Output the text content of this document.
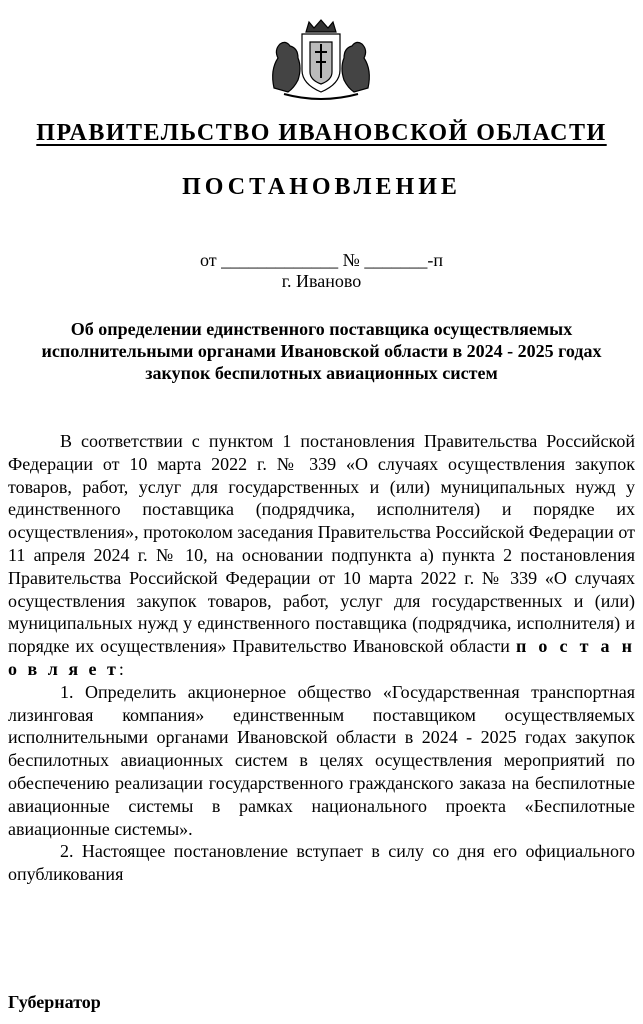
ПРАВИТЕЛЬСТВО ИВАНОВСКОЙ ОБЛАСТИ
ПОСТАНОВЛЕНИЕ
от _____________ № _______-п
г. Иваново
Об определении единственного поставщика осуществляемых исполнительными органами Ивановской области в 2024 - 2025 годах закупок беспилотных авиационных систем

В соответствии с пунктом 1 постановления Правительства Российской Федерации от 10 марта 2022 г. № 339 «О случаях осуществления закупок товаров, работ, услуг для государственных и (или) муниципальных нужд у единственного поставщика (подрядчика, исполнителя) и порядке их осуществления», протоколом заседания Правительства Российской Федерации от 11 апреля 2024 г. № 10, на основании подпункта а) пункта 2 постановления Правительства Российской Федерации от 10 марта 2022 г. № 339 «О случаях осуществления закупок товаров, работ, услуг для государственных и (или) муниципальных нужд у единственного поставщика (подрядчика, исполнителя) и порядке их осуществления» Правительство Ивановской области п о с т а н о в л я е т:

1. Определить акционерное общество «Государственная транспортная лизинговая компания» единственным поставщиком осуществляемых исполнительными органами Ивановской области в 2024 - 2025 годах закупок беспилотных авиационных систем в целях осуществления мероприятий по обеспечению реализации государственного гражданского заказа на беспилотные авиационные системы в рамках национального проекта «Беспилотные авиационные системы».

2. Настоящее постановление вступает в силу со дня его официального опубликования

Губернатор
